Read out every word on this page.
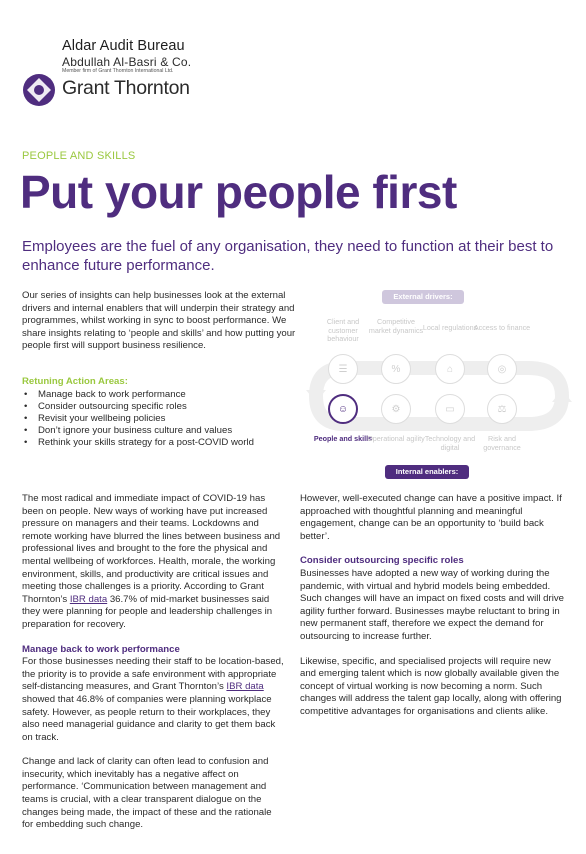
Aldar Audit Bureau
Abdullah Al-Basri & Co.
Member firm of Grant Thornton International Ltd.
Grant Thornton
PEOPLE AND SKILLS
Put your people first
Employees are the fuel of any organisation, they need to function at their best to enhance future performance.
Our series of insights can help businesses look at the external drivers and internal enablers that will underpin their strategy and programmes, whilst working in sync to boost performance. We share insights relating to ‘people and skills’ and how putting your people first will support business resilience.
Retuning Action Areas:
• Manage back to work performance
• Consider outsourcing specific roles
• Revisit your wellbeing policies
• Don’t ignore your business culture and values
• Rethink your skills strategy for a post-COVID world
External drivers:
Client and customer behaviour
Competitive market dynamics Local regulations
Access to finance
☰	%	⌂	◎
☺	⚙	▭	⚖
People and skills
Operational agility Technology and digital
Risk and governance
Internal enablers:

The most radical and immediate impact of COVID-19 has been on people. New ways of working have put increased pressure on managers and their teams. Lockdowns and remote working have blurred the lines between business and professional lives and brought to the fore the physical and mental wellbeing of workforces. Health, morale, the working environment, skills, and productivity are critical issues and meeting those challenges is a priority. According to Grant Thornton’s IBR data 36.7% of mid-market businesses said they were planning for people and leadership challenges in preparation for recovery.

Manage back to work performance

For those businesses needing their staff to be location-based, the priority is to provide a safe environment with appropriate self-distancing measures, and Grant Thornton’s IBR data showed that 46.8% of companies were planning workplace safety. However, as people return to their workplaces, they also need managerial guidance and clarity to get them back on track.

Change and lack of clarity can often lead to confusion and insecurity, which inevitably has a negative affect on performance. ‘Communication between management and teams is crucial, with a clear transparent dialogue on the changes being made, the impact of these and the rationale for embedding such change.

However, well-executed change can have a positive impact. If approached with thoughtful planning and meaningful engagement, change can be an opportunity to ‘build back better’.

Consider outsourcing specific roles

Businesses have adopted a new way of working during the pandemic, with virtual and hybrid models being embedded. Such changes will have an impact on fixed costs and will drive agility further forward. Businesses maybe reluctant to bring in new permanent staff, therefore we expect the demand for outsourcing to increase further.

Likewise, specific, and specialised projects will require new and emerging talent which is now globally available given the concept of virtual working is now becoming a norm. Such changes will address the talent gap locally, along with offering competitive advantages for organisations and clients alike.
